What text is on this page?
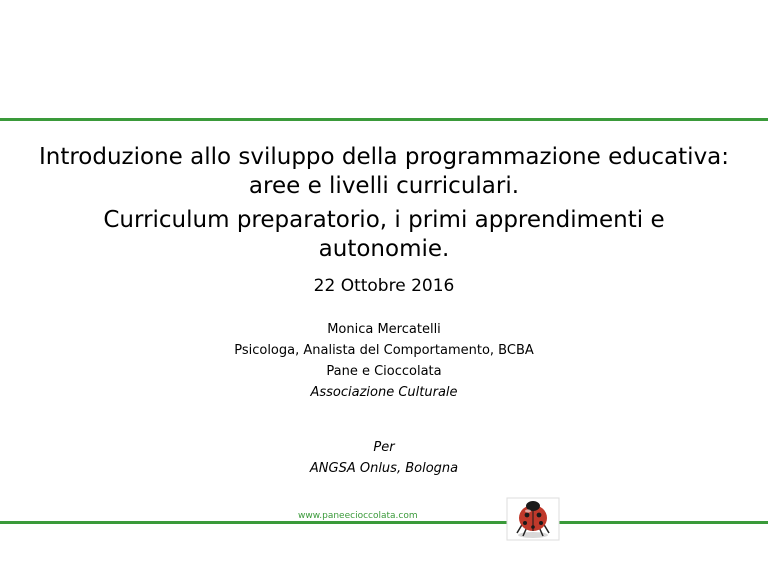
Introduzione allo sviluppo della programmazione educativa:
aree e livelli curriculari.
Curriculum preparatorio, i primi apprendimenti e
autonomie.
22 Ottobre 2016
Monica Mercatelli
Psicologa, Analista del Comportamento, BCBA
Pane e Cioccolata
Associazione Culturale
Per
ANGSA Onlus, Bologna
www.paneecioccolata.com
